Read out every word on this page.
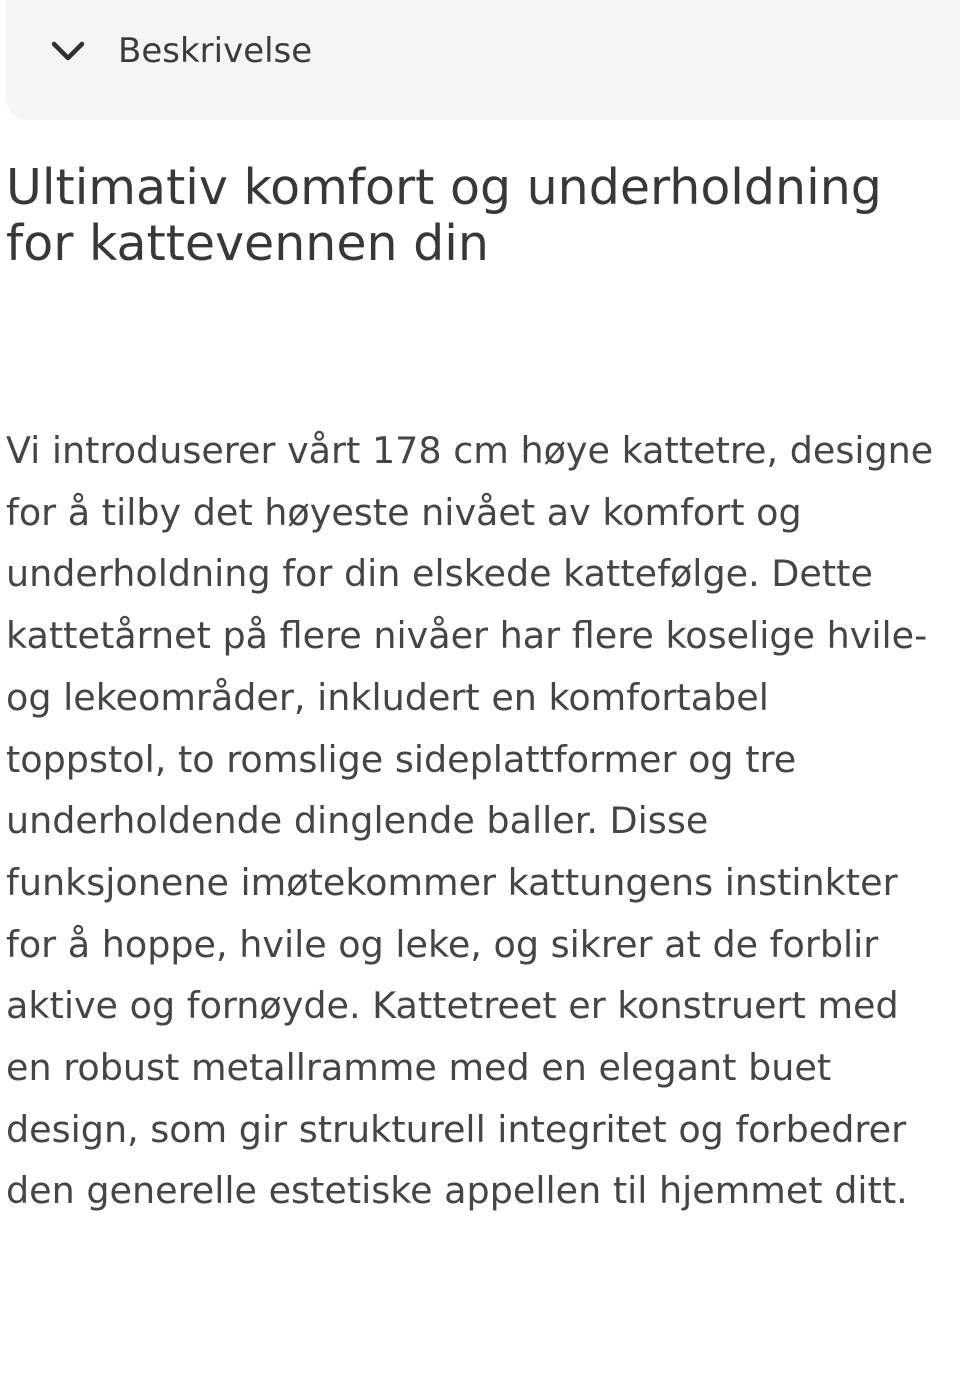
Beskrivelse
Ultimativ komfort og underholdning
for kattevennen din

Vi introduserer vårt 178 cm høye kattetre, designe
for å tilby det høyeste nivået av komfort og
underholdning for din elskede kattefølge. Dette
kattetårnet på flere nivåer har flere koselige hvile-
og lekeområder, inkludert en komfortabel
toppstol, to romslige sideplattformer og tre
underholdende dinglende baller. Disse
funksjonene imøtekommer kattungens instinkter
for å hoppe, hvile og leke, og sikrer at de forblir
aktive og fornøyde. Kattetreet er konstruert med
en robust metallramme med en elegant buet
design, som gir strukturell integritet og forbedrer
den generelle estetiske appellen til hjemmet ditt.
